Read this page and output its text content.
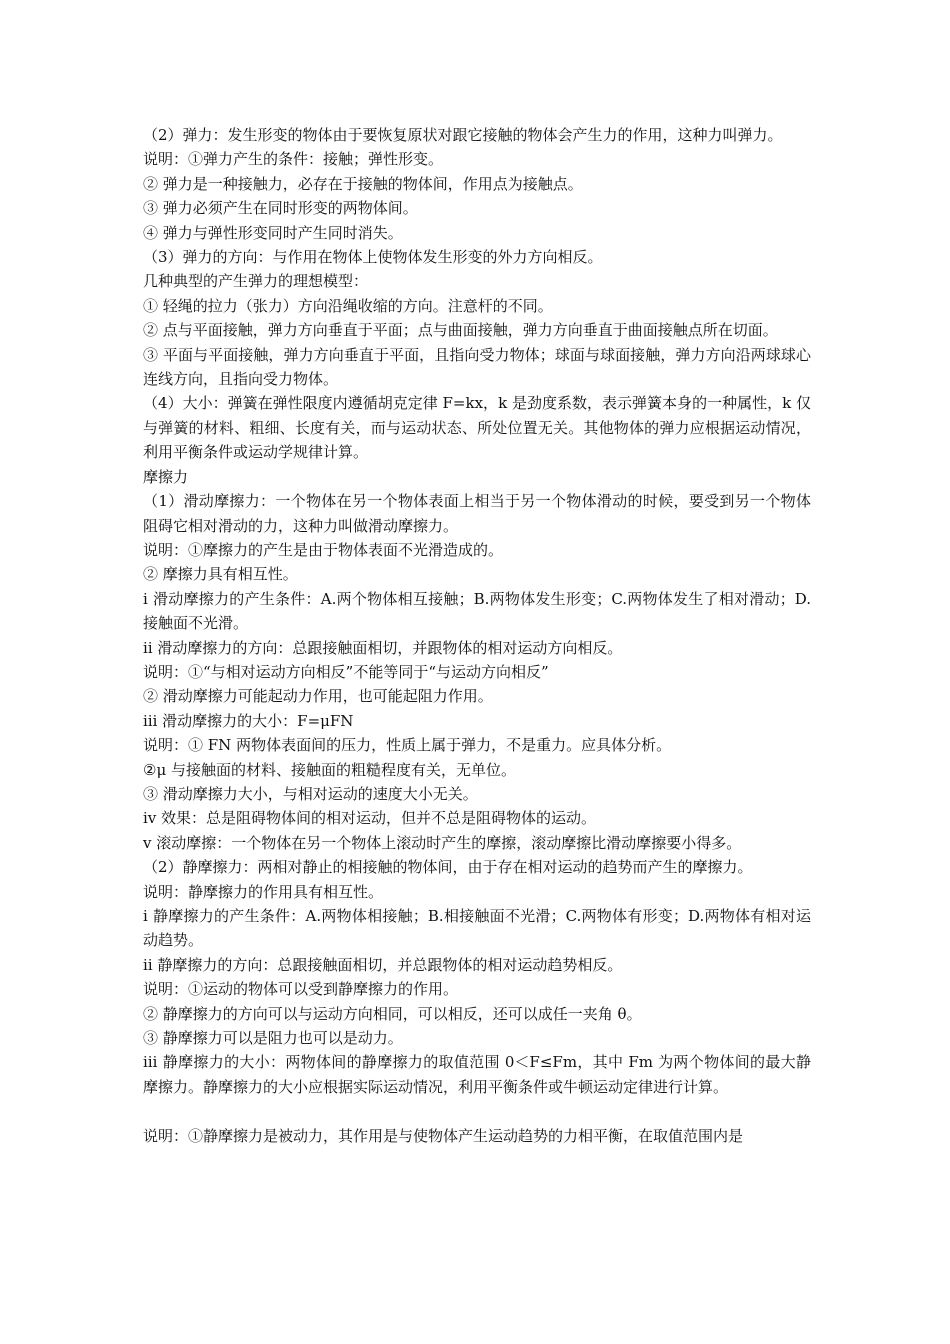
（2）弹力：发生形变的物体由于要恢复原状对跟它接触的物体会产生力的作用，这种力叫弹力。

说明：①弹力产生的条件：接触；弹性形变。

② 弹力是一种接触力，必存在于接触的物体间，作用点为接触点。

③ 弹力必须产生在同时形变的两物体间。

④ 弹力与弹性形变同时产生同时消失。

（3）弹力的方向：与作用在物体上使物体发生形变的外力方向相反。

几种典型的产生弹力的理想模型：

① 轻绳的拉力（张力）方向沿绳收缩的方向。注意杆的不同。

② 点与平面接触，弹力方向垂直于平面；点与曲面接触，弹力方向垂直于曲面接触点所在切面。

③ 平面与平面接触，弹力方向垂直于平面，且指向受力物体；球面与球面接触，弹力方向沿两球球心连线方向，且指向受力物体。

（4）大小：弹簧在弹性限度内遵循胡克定律 F=kx，k 是劲度系数，表示弹簧本身的一种属性，k 仅与弹簧的材料、粗细、长度有关，而与运动状态、所处位置无关。其他物体的弹力应根据运动情况，利用平衡条件或运动学规律计算。

摩擦力

（1）滑动摩擦力：一个物体在另一个物体表面上相当于另一个物体滑动的时候，要受到另一个物体阻碍它相对滑动的力，这种力叫做滑动摩擦力。

说明：①摩擦力的产生是由于物体表面不光滑造成的。

② 摩擦力具有相互性。

ⅰ 滑动摩擦力的产生条件：A.两个物体相互接触；B.两物体发生形变；C.两物体发生了相对滑动；D.接触面不光滑。

ⅱ 滑动摩擦力的方向：总跟接触面相切，并跟物体的相对运动方向相反。

说明：①“与相对运动方向相反”不能等同于“与运动方向相反”

② 滑动摩擦力可能起动力作用，也可能起阻力作用。

ⅲ 滑动摩擦力的大小：F=μFN

说明：① FN 两物体表面间的压力，性质上属于弹力，不是重力。应具体分析。

②μ 与接触面的材料、接触面的粗糙程度有关，无单位。

③ 滑动摩擦力大小，与相对运动的速度大小无关。

ⅳ 效果：总是阻碍物体间的相对运动，但并不总是阻碍物体的运动。

ⅴ 滚动摩擦：一个物体在另一个物体上滚动时产生的摩擦，滚动摩擦比滑动摩擦要小得多。

（2）静摩擦力：两相对静止的相接触的物体间，由于存在相对运动的趋势而产生的摩擦力。

说明：静摩擦力的作用具有相互性。

ⅰ 静摩擦力的产生条件：A.两物体相接触；B.相接触面不光滑；C.两物体有形变；D.两物体有相对运动趋势。

ⅱ 静摩擦力的方向：总跟接触面相切，并总跟物体的相对运动趋势相反。

说明：①运动的物体可以受到静摩擦力的作用。

② 静摩擦力的方向可以与运动方向相同，可以相反，还可以成任一夹角 θ。

③ 静摩擦力可以是阻力也可以是动力。

ⅲ 静摩擦力的大小：两物体间的静摩擦力的取值范围 0＜F≤Fm，其中 Fm 为两个物体间的最大静摩擦力。静摩擦力的大小应根据实际运动情况，利用平衡条件或牛顿运动定律进行计算。

说明：①静摩擦力是被动力，其作用是与使物体产生运动趋势的力相平衡，在取值范围内是
